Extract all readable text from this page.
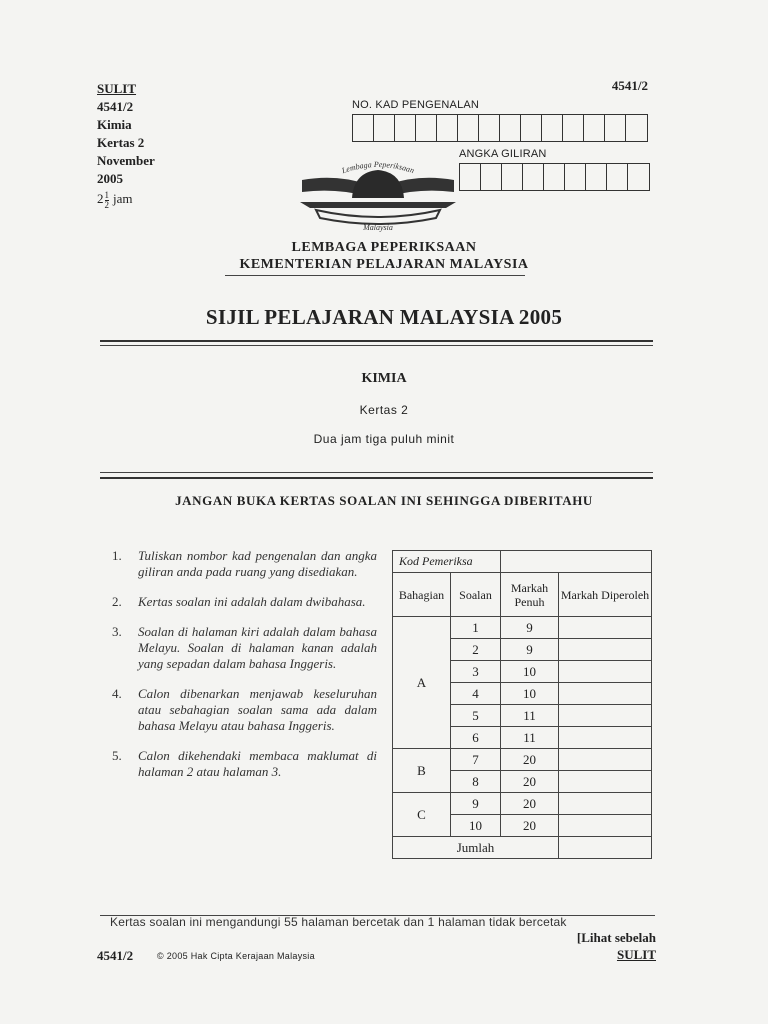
SULIT
4541/2
Kimia
Kertas 2
November
2005
$2 \frac{1}{2}$ jam
4541/2
NO. KAD PENGENALAN
ANGKA GILIRAN
Lembaga Peperiksaan
Malaysia
LEMBAGA PEPERIKSAAN
KEMENTERIAN PELAJARAN MALAYSIA
SIJIL PELAJARAN MALAYSIA 2005
KIMIA
Kertas 2
Dua jam tiga puluh minit
JANGAN BUKA KERTAS SOALAN INI SEHINGGA DIBERITAHU
1.	Tuliskan nombor kad pengenalan dan angka giliran anda pada ruang yang disediakan.
2.	Kertas soalan ini adalah dalam dwibahasa.
3.	Soalan di halaman kiri adalah dalam bahasa Melayu. Soalan di halaman kanan adalah yang sepadan dalam bahasa Inggeris.
4.	Calon dibenarkan menjawab keseluruhan atau sebahagian soalan sama ada dalam bahasa Melayu atau bahasa Inggeris.
5.	Calon dikehendaki membaca maklumat di halaman 2 atau halaman 3.
Kod Pemeriksa			
Bahagian	Soalan	Markah Penuh	Markah Diperoleh
A	1	9	
	2	9	
	3	10	
	4	10	
	5	11	
	6	11	
B	7	20	
	8	20	
C	9	20	
	10	20	
Jumlah			
Kertas soalan ini mengandungi 55 halaman bercetak dan 1 halaman tidak bercetak
[Lihat sebelah
4541/2	© 2005 Hak Cipta Kerajaan Malaysia	SULIT
